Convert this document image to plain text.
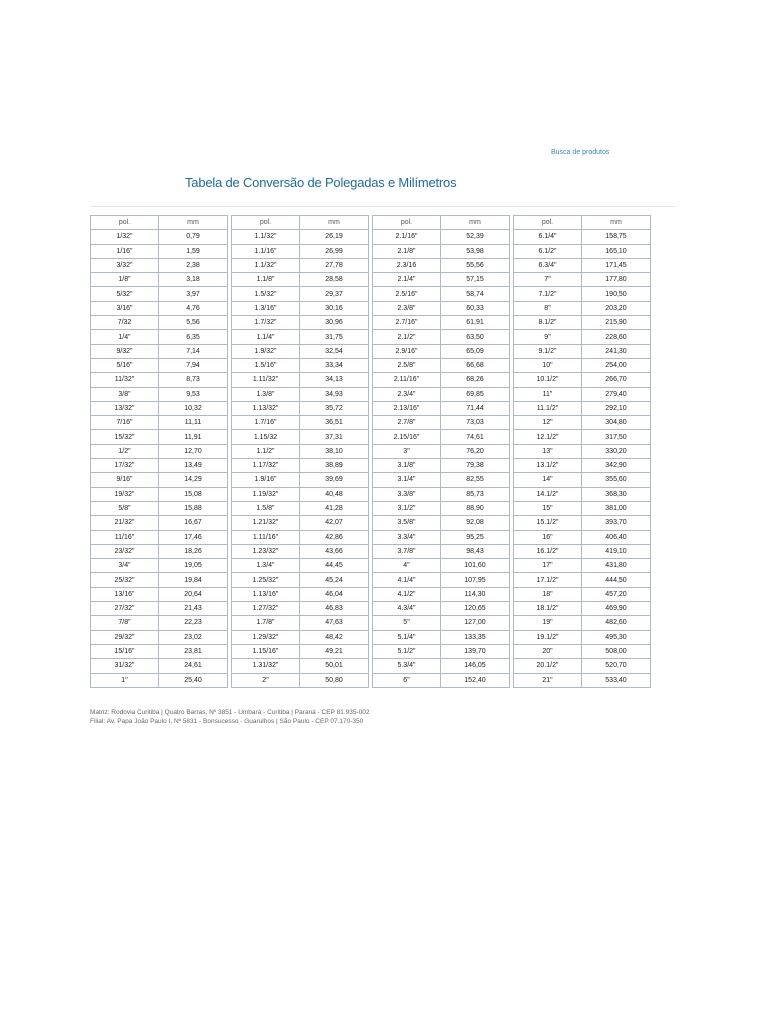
Busca de produtos
Tabela de Conversão de Polegadas e Milímetros
pol.	mm
1/32"	0,79
1/16"	1,59
3/32"	2,38
1/8"	3,18
5/32"	3,97
3/16"	4,76
7/32	5,56
1/4"	6,35
9/32"	7,14
5/16"	7,94
11/32"	8,73
3/8"	9,53
13/32"	10,32
7/16"	11,11
15/32"	11,91
1/2"	12,70
17/32"	13,49
9/16"	14,29
19/32"	15,08
5/8"	15,88
21/32"	16,67
11/16"	17,46
23/32"	18,26
3/4"	19,05
25/32"	19,84
13/16"	20,64
27/32"	21,43
7/8"	22,23
29/32"	23,02
15/16"	23,81
31/32"	24,61
1"	25,40
pol.	mm
1.1/32"	26,19
1.1/16"	26,99
1.1/32"	27,78
1.1/8"	28,58
1.5/32"	29,37
1.3/16"	30,16
1.7/32"	30,96
1.1/4"	31,75
1.9/32"	32,54
1.5/16"	33,34
1.11/32"	34,13
1.3/8"	34,93
1.13/32"	35,72
1.7/16"	36,51
1.15/32	37,31
1.1/2"	38,10
1.17/32"	38,89
1.9/16"	39,69
1.19/32"	40,48
1.5/8"	41,28
1.21/32"	42,07
1.11/16"	42,86
1.23/32"	43,66
1.3/4"	44,45
1.25/32"	45,24
1.13/16"	46,04
1.27/32"	46,83
1.7/8"	47,63
1.29/32"	48,42
1.15/16"	49,21
1.31/32"	50,01
2"	50,80
pol.	mm
2.1/16"	52,39
2.1/8"	53,98
2.3/16	55,56
2.1/4"	57,15
2.5/16"	58,74
2.3/8"	60,33
2.7/16"	61,91
2.1/2"	63,50
2.9/16"	65,09
2.5/8"	66,68
2.11/16"	68,26
2.3/4"	69,85
2.13/16"	71,44
2.7/8"	73,03
2.15/16"	74,61
3"	76,20
3.1/8"	79,38
3.1/4"	82,55
3.3/8"	85,73
3.1/2"	88,90
3.5/8"	92,08
3.3/4"	95,25
3.7/8"	98,43
4"	101,60
4.1/4"	107,95
4.1/2"	114,30
4.3/4"	120,65
5"	127,00
5.1/4"	133,35
5.1/2"	139,70
5.3/4"	146,05
6"	152,40
pol.	mm
6.1/4"	158,75
6.1/2"	165,10
6.3/4"	171,45
7"	177,80
7.1/2"	190,50
8"	203,20
8.1/2"	215,90
9"	228,60
9.1/2"	241,30
10"	254,00
10.1/2"	266,70
11"	279,40
11.1/2"	292,10
12"	304,80
12.1/2"	317,50
13"	330,20
13.1/2"	342,90
14"	355,60
14.1/2"	368,30
15"	381,00
15.1/2"	393,70
16"	406,40
16.1/2"	419,10
17"	431,80
17.1/2"	444,50
18"	457,20
18.1/2"	469,90
19"	482,60
19.1/2"	495,30
20"	508,00
20.1/2"	520,70
21"	533,40
Matriz: Rodovia Curitiba | Quatro Barras, Nº 3851 - Umbará - Curitiba | Paraná - CEP 81.935-002
Filial: Av. Papa João Paulo I, Nº 5831 - Bonsucesso - Guarulhos | São Paulo - CEP 07.170-350
